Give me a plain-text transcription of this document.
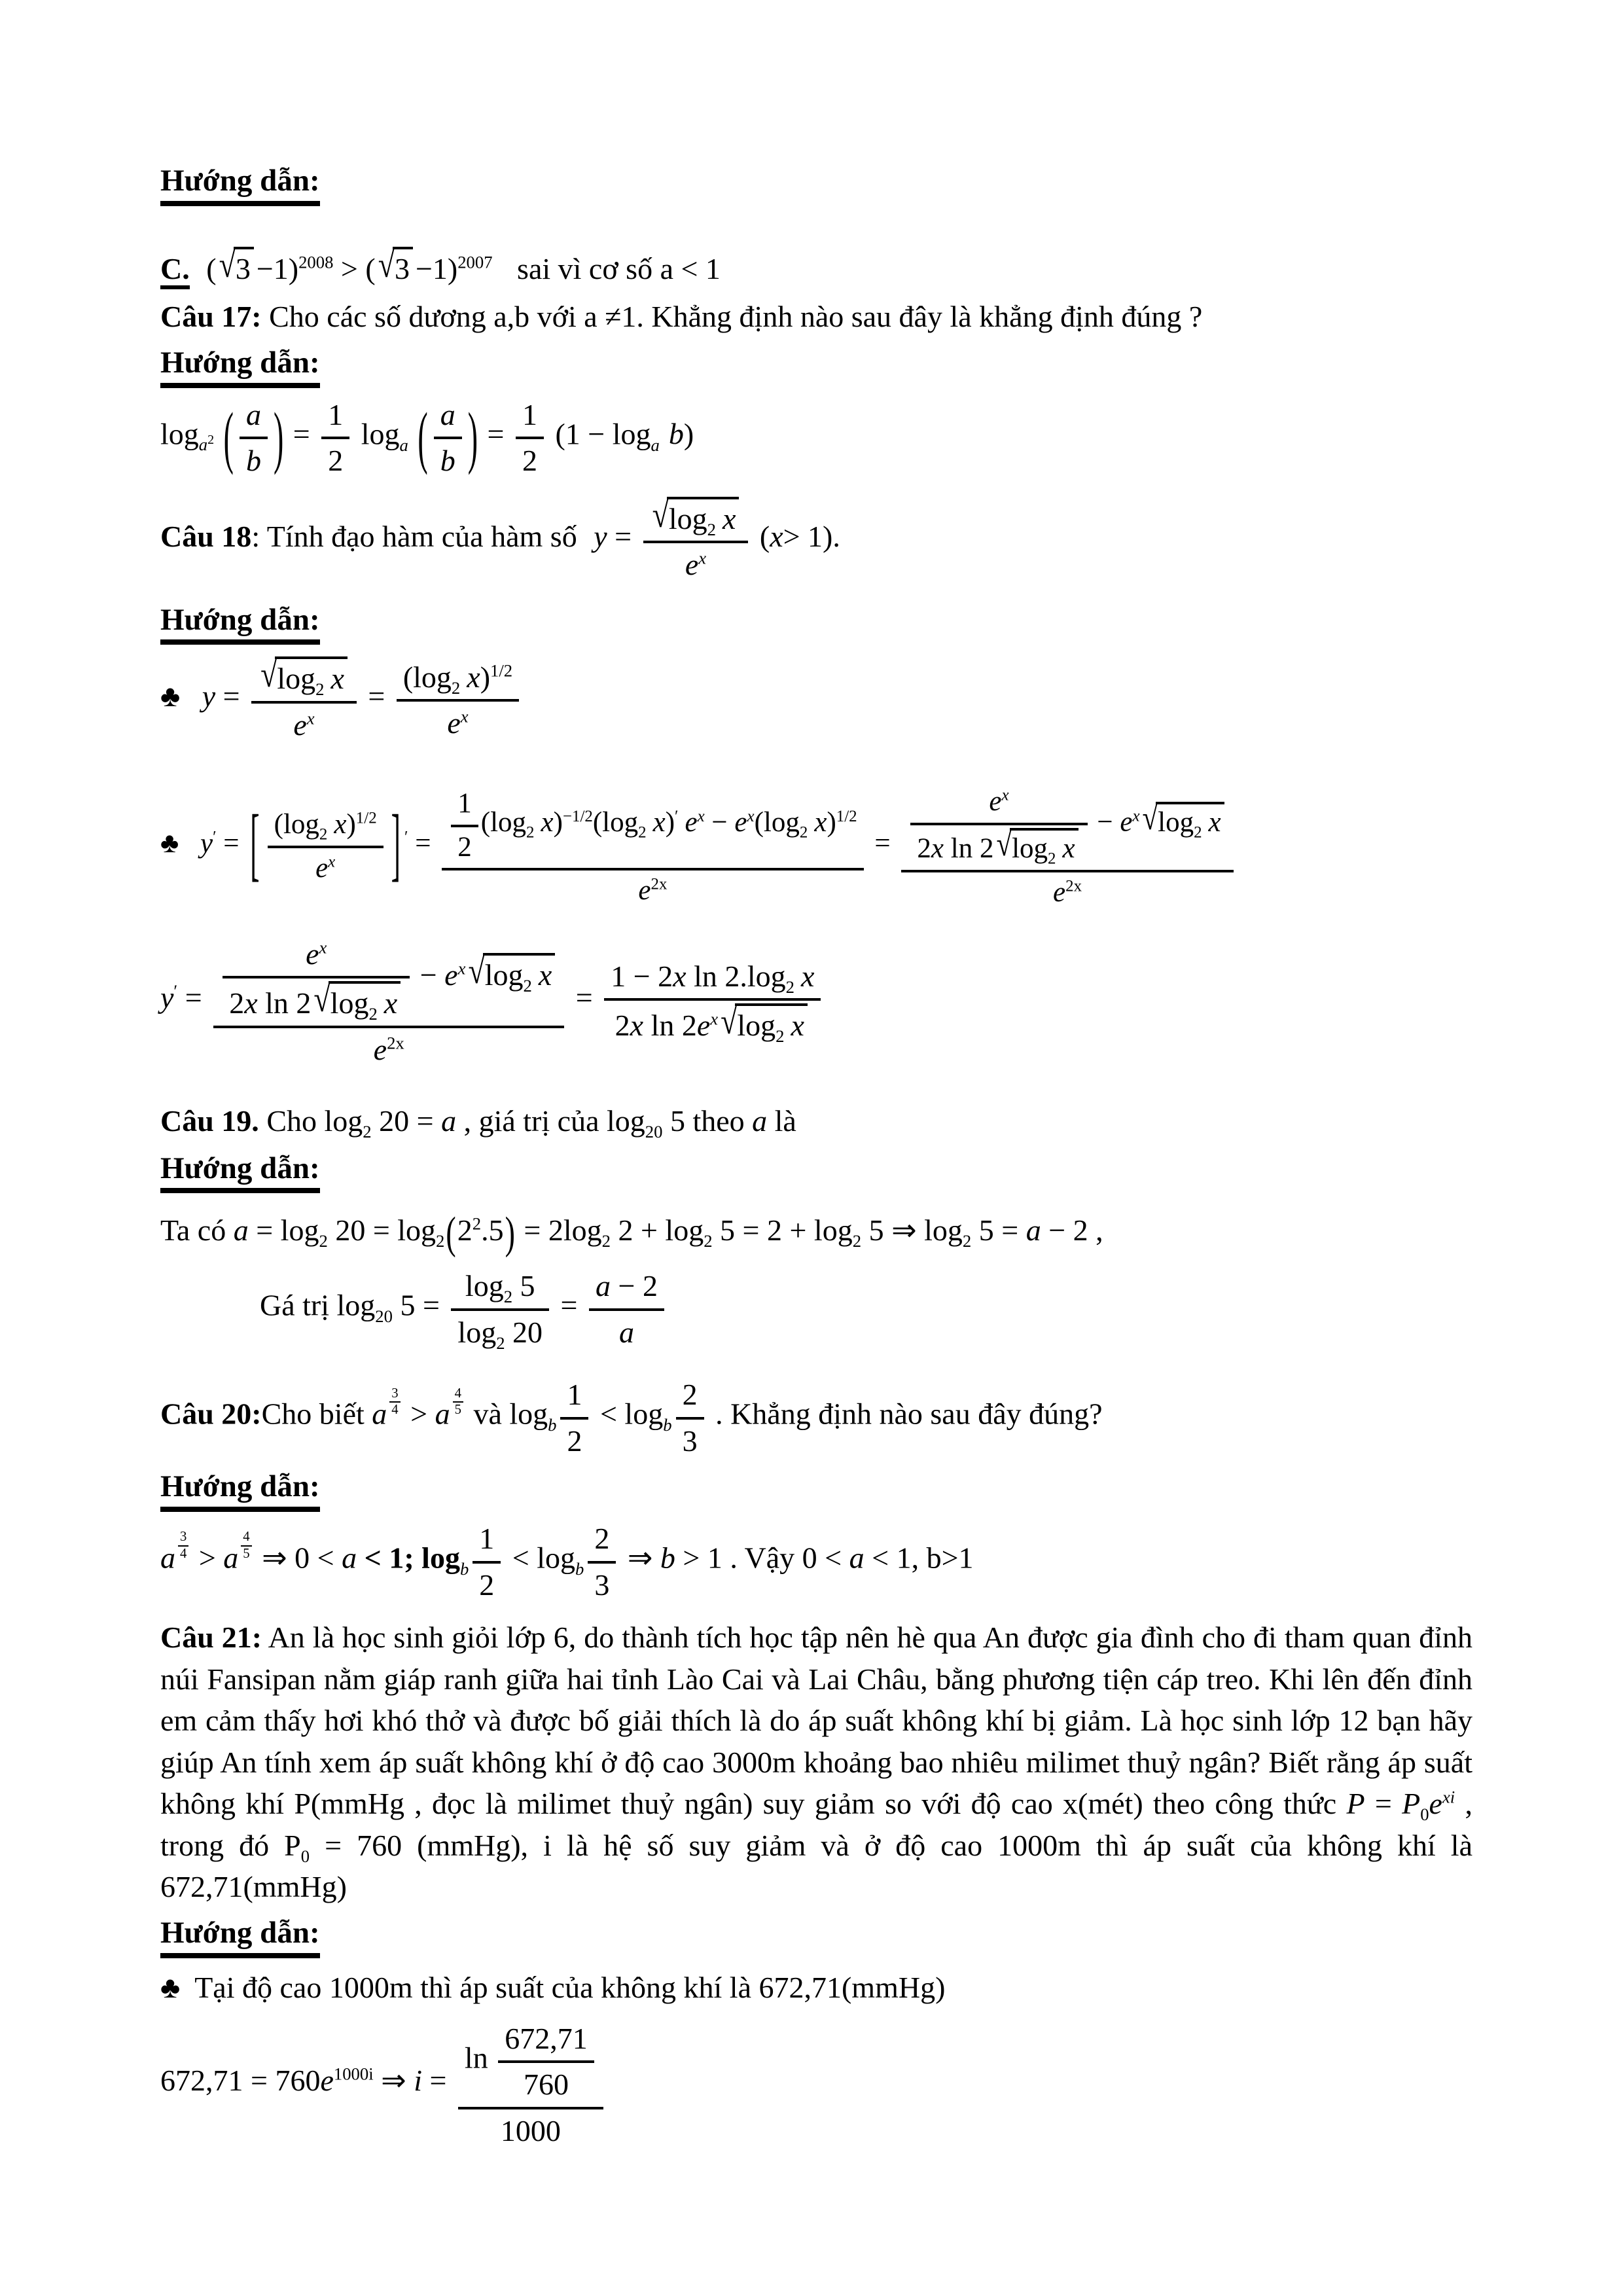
Hướng dẫn:
C. $(√3 -1)^{2008} > (√3 -1)^{2007}$ sai vì cơ số a < 1
Câu 17: Cho các số dương a,b với a ≠1. Khẳng định nào sau đây là khẳng định đúng ?
Hướng dẫn:
$\log_{a^2}$ ( $\frac{a}{b}$ ) = $\frac{1}{2} \log_a$ ( $\frac{a}{b}$ ) = $\frac{1}{2} (1 - \log_a b)$
Câu 18: Tính đạo hàm của hàm số $y = \frac{√\log_2 x}{e^x} (x> 1)$.
Hướng dẫn:
♣ $y = \frac{√\log_2 x}{e^x} = \frac{(\log_2 x)^{1/2}}{e^x}$
♣ y′ = [ $\frac{(\log_2 x)^{1/2}}{e^x}$ ] $' = \frac{\frac{1}{2} (\log_2 x)^{-1/2}(\log_2 x)' e^x - e^x(\log_2 x)^{1/2}}{e^{2x}} = \frac{\frac{e^x}{2x \ln 2√\log_2 x} - e^x√\log_2 x}{e^{2x}}$
$y' = \frac{\frac{e^x}{2x \ln 2√\log_2 x} - e^x√\log_2 x}{e^{2x}} = \frac{1 - 2x \ln 2.\log_2 x}{2x \ln 2e^x√\log_2 x}$
Câu 19. Cho $\log_2 20 = a$ , giá trị của $\log_{20} 5$ theo a là
Hướng dẫn:
Ta có $a = \log_2 20 = \log_2(2^2.5) = 2\log_2$ $2 + \log_2 5 = 2 + \log_2 5$ ⇒ $\log_2 5 = a - 2$ ,
Gá trị $\log_{20} 5 = \frac{\log_2 5}{\log_2 20} = \frac{a - 2}{a}$
Câu 20:Cho biết a $\frac{3}{4} > a \frac{4}{5}$ và $\log_b \frac{1}{2} < \log_b \frac{2}{3}$ . Khẳng định nào sau đây đúng?
Hướng dẫn:
a $\frac{3}{4} > a \frac{4}{5}$ ⇒ 0 < a < 1; $\log_b \frac{1}{2} < \log_b \frac{2}{3}$ ⇒ b > 1 . Vậy 0 < a < 1, b>1

Câu 21: An là học sinh giỏi lớp 6, do thành tích học tập nên hè qua An được gia đình cho đi tham quan đỉnh núi Fansipan nằm giáp ranh giữa hai tỉnh Lào Cai và Lai Châu, bằng phương tiện cáp treo. Khi lên đến đỉnh em cảm thấy hơi khó thở và được bố giải thích là do áp suất không khí bị giảm. Là học sinh lớp 12 bạn hãy giúp An tính xem áp suất không khí ở độ cao 3000m khoảng bao nhiêu milimet thuỷ ngân? Biết rằng áp suất không khí P(mmHg , đọc là milimet thuỷ ngân) suy giảm so với độ cao x(mét) theo công thức $P = P_0e^{xi}$ , trong đó $P_0 = 760$ (mmHg), i là hệ số suy giảm và ở độ cao 1000m thì áp suất của không khí là 672,71(mmHg)

Hướng dẫn:
♣ Tại độ cao 1000m thì áp suất của không khí là 672,71(mmHg)
$672,71 = 760e^{1000i}$ ⇒ $i = \frac{\ln \frac{672,71}{760}}{1000}$
